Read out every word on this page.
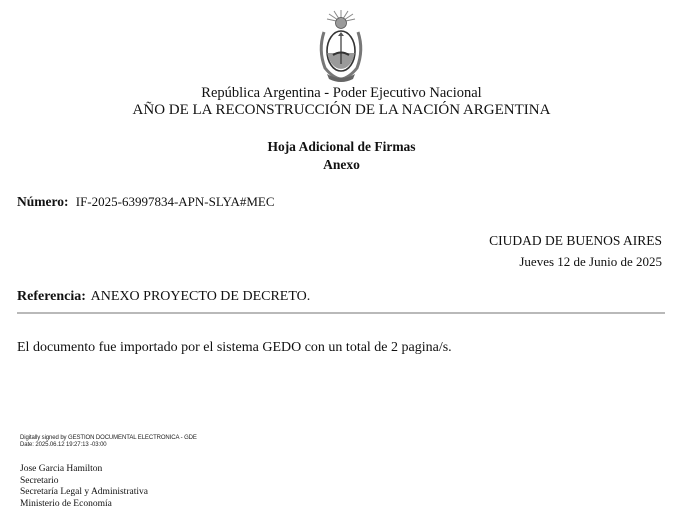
República Argentina - Poder Ejecutivo Nacional
AÑO DE LA RECONSTRUCCIÓN DE LA NACIÓN ARGENTINA
Hoja Adicional de Firmas
Anexo
Número: IF-2025-63997834-APN-SLYA#MEC
CIUDAD DE BUENOS AIRES
Jueves 12 de Junio de 2025
Referencia: ANEXO PROYECTO DE DECRETO.
El documento fue importado por el sistema GEDO con un total de 2 pagina/s.
Digitally signed by GESTION DOCUMENTAL ELECTRONICA - GDE
Date: 2025.06.12 19:27:13 -03:00
Jose Garcia Hamilton
Secretario
Secretaría Legal y Administrativa
Ministerio de Economía
